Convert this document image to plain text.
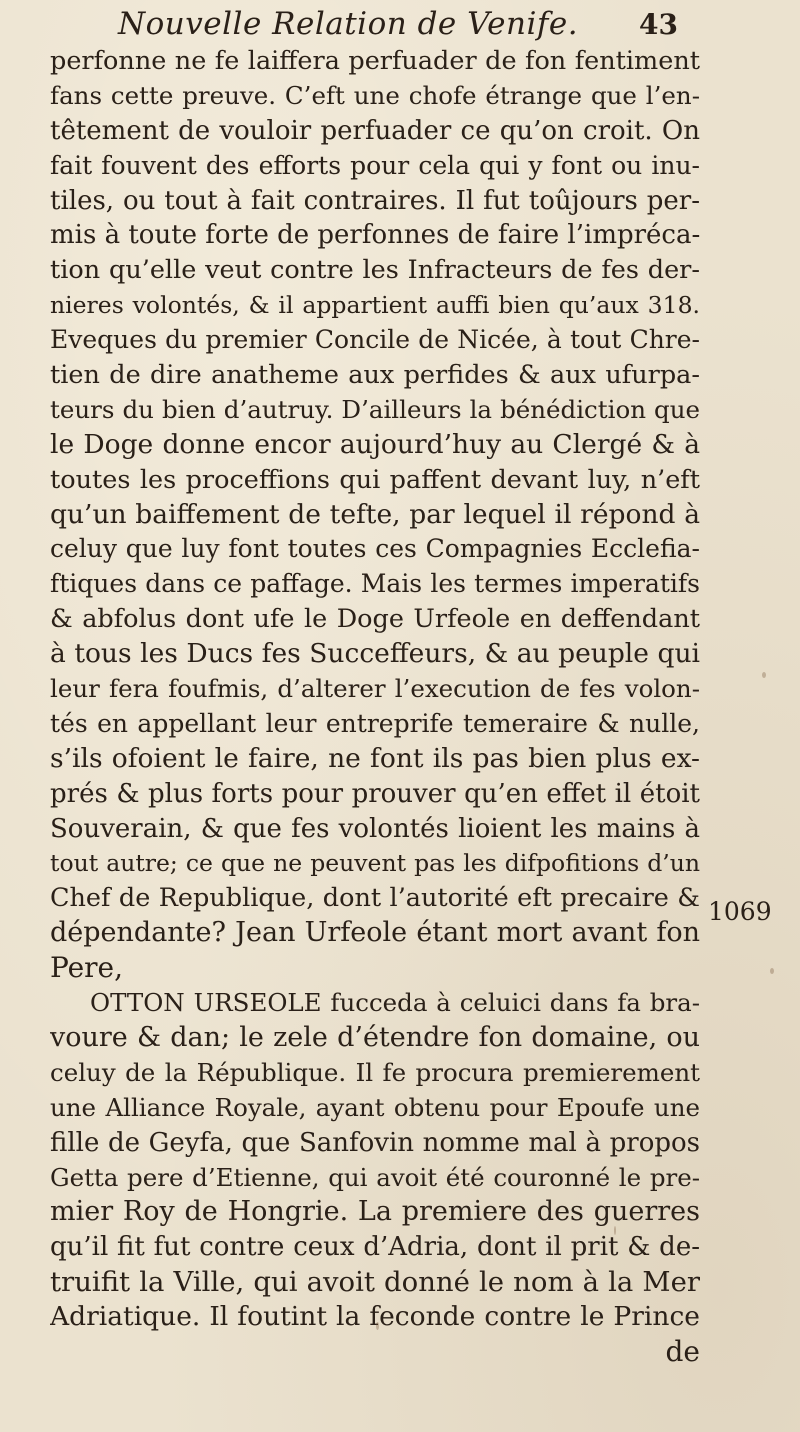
Nouvelle Relation de Venife. 43
perfonne ne fe laiffera perfuader de fon fentiment
fans cette preuve. C’eft une chofe étrange que l’en-
têtement de vouloir perfuader ce qu’on croit. On
fait fouvent des efforts pour cela qui y font ou inu-
tiles, ou tout à fait contraires. Il fut toûjours per-
mis à toute forte de perfonnes de faire l’impréca-
tion qu’elle veut contre les Infracteurs de fes der-
nieres volontés, & il appartient auffi bien qu’aux 318.
Eveques du premier Concile de Nicée, à tout Chre-
tien de dire anatheme aux perfides & aux ufurpa-
teurs du bien d’autruy. D’ailleurs la bénédiction que
le Doge donne encor aujourd’huy au Clergé & à
toutes les proceffions qui paffent devant luy, n’eft
qu’un baiffement de tefte, par lequel il répond à
celuy que luy font toutes ces Compagnies Ecclefia-
ftiques dans ce paffage. Mais les termes imperatifs
& abfolus dont ufe le Doge Urfeole en deffendant
à tous les Ducs fes Succeffeurs, & au peuple qui
leur fera foufmis, d’alterer l’execution de fes volon-
tés en appellant leur entreprife temeraire & nulle,
s’ils ofoient le faire, ne font ils pas bien plus ex-
prés & plus forts pour prouver qu’en effet il étoit
Souverain, & que fes volontés lioient les mains à
tout autre; ce que ne peuvent pas les difpofitions d’un
Chef de Republique, dont l’autorité eft precaire &
dépendante? Jean Urfeole étant mort avant fon
Pere,
OTTON URSEOLE fucceda à celuici dans fa bra-
voure & dan; le zele d’étendre fon domaine, ou
celuy de la République. Il fe procura premierement
une Alliance Royale, ayant obtenu pour Epoufe une
fille de Geyfa, que Sanfovin nomme mal à propos
Getta pere d’Etienne, qui avoit été couronné le pre-
mier Roy de Hongrie. La premiere des guerres
qu’il fit fut contre ceux d’Adria, dont il prit & de-
truifit la Ville, qui avoit donné le nom à la Mer
Adriatique. Il foutint la feconde contre le Prince
de
1069
